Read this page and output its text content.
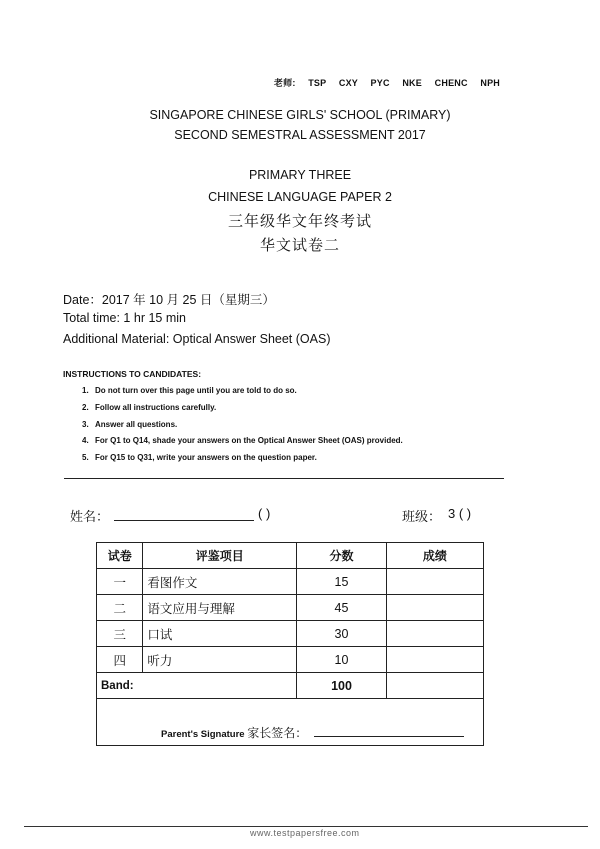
老师: TSP CXY PYC NKE CHENC NPH
SINGAPORE CHINESE GIRLS' SCHOOL (PRIMARY)
SECOND SEMESTRAL ASSESSMENT 2017
PRIMARY THREE
CHINESE LANGUAGE PAPER 2
三年级华文年终考试
华文试卷二
Date：2017 年 10 月 25 日（星期三）
Total time: 1 hr 15 min
Additional Material: Optical Answer Sheet (OAS)
INSTRUCTIONS TO CANDIDATES:
1. Do not turn over this page until you are told to do so.
2. Follow all instructions carefully.
3. Answer all questions.
4. For Q1 to Q14, shade your answers on the Optical Answer Sheet (OAS) provided.
5. For Q15 to Q31, write your answers on the question paper.
姓名：	( )	班级： 3 ( )
试卷	评鉴项目	分数	成绩
一	看图作文	15	
二	语文应用与理解	45	
三	口试	30	
四	听力	10	
Band:		100	

Parent's Signature 家长签名：			
www.testpapersfree.com
